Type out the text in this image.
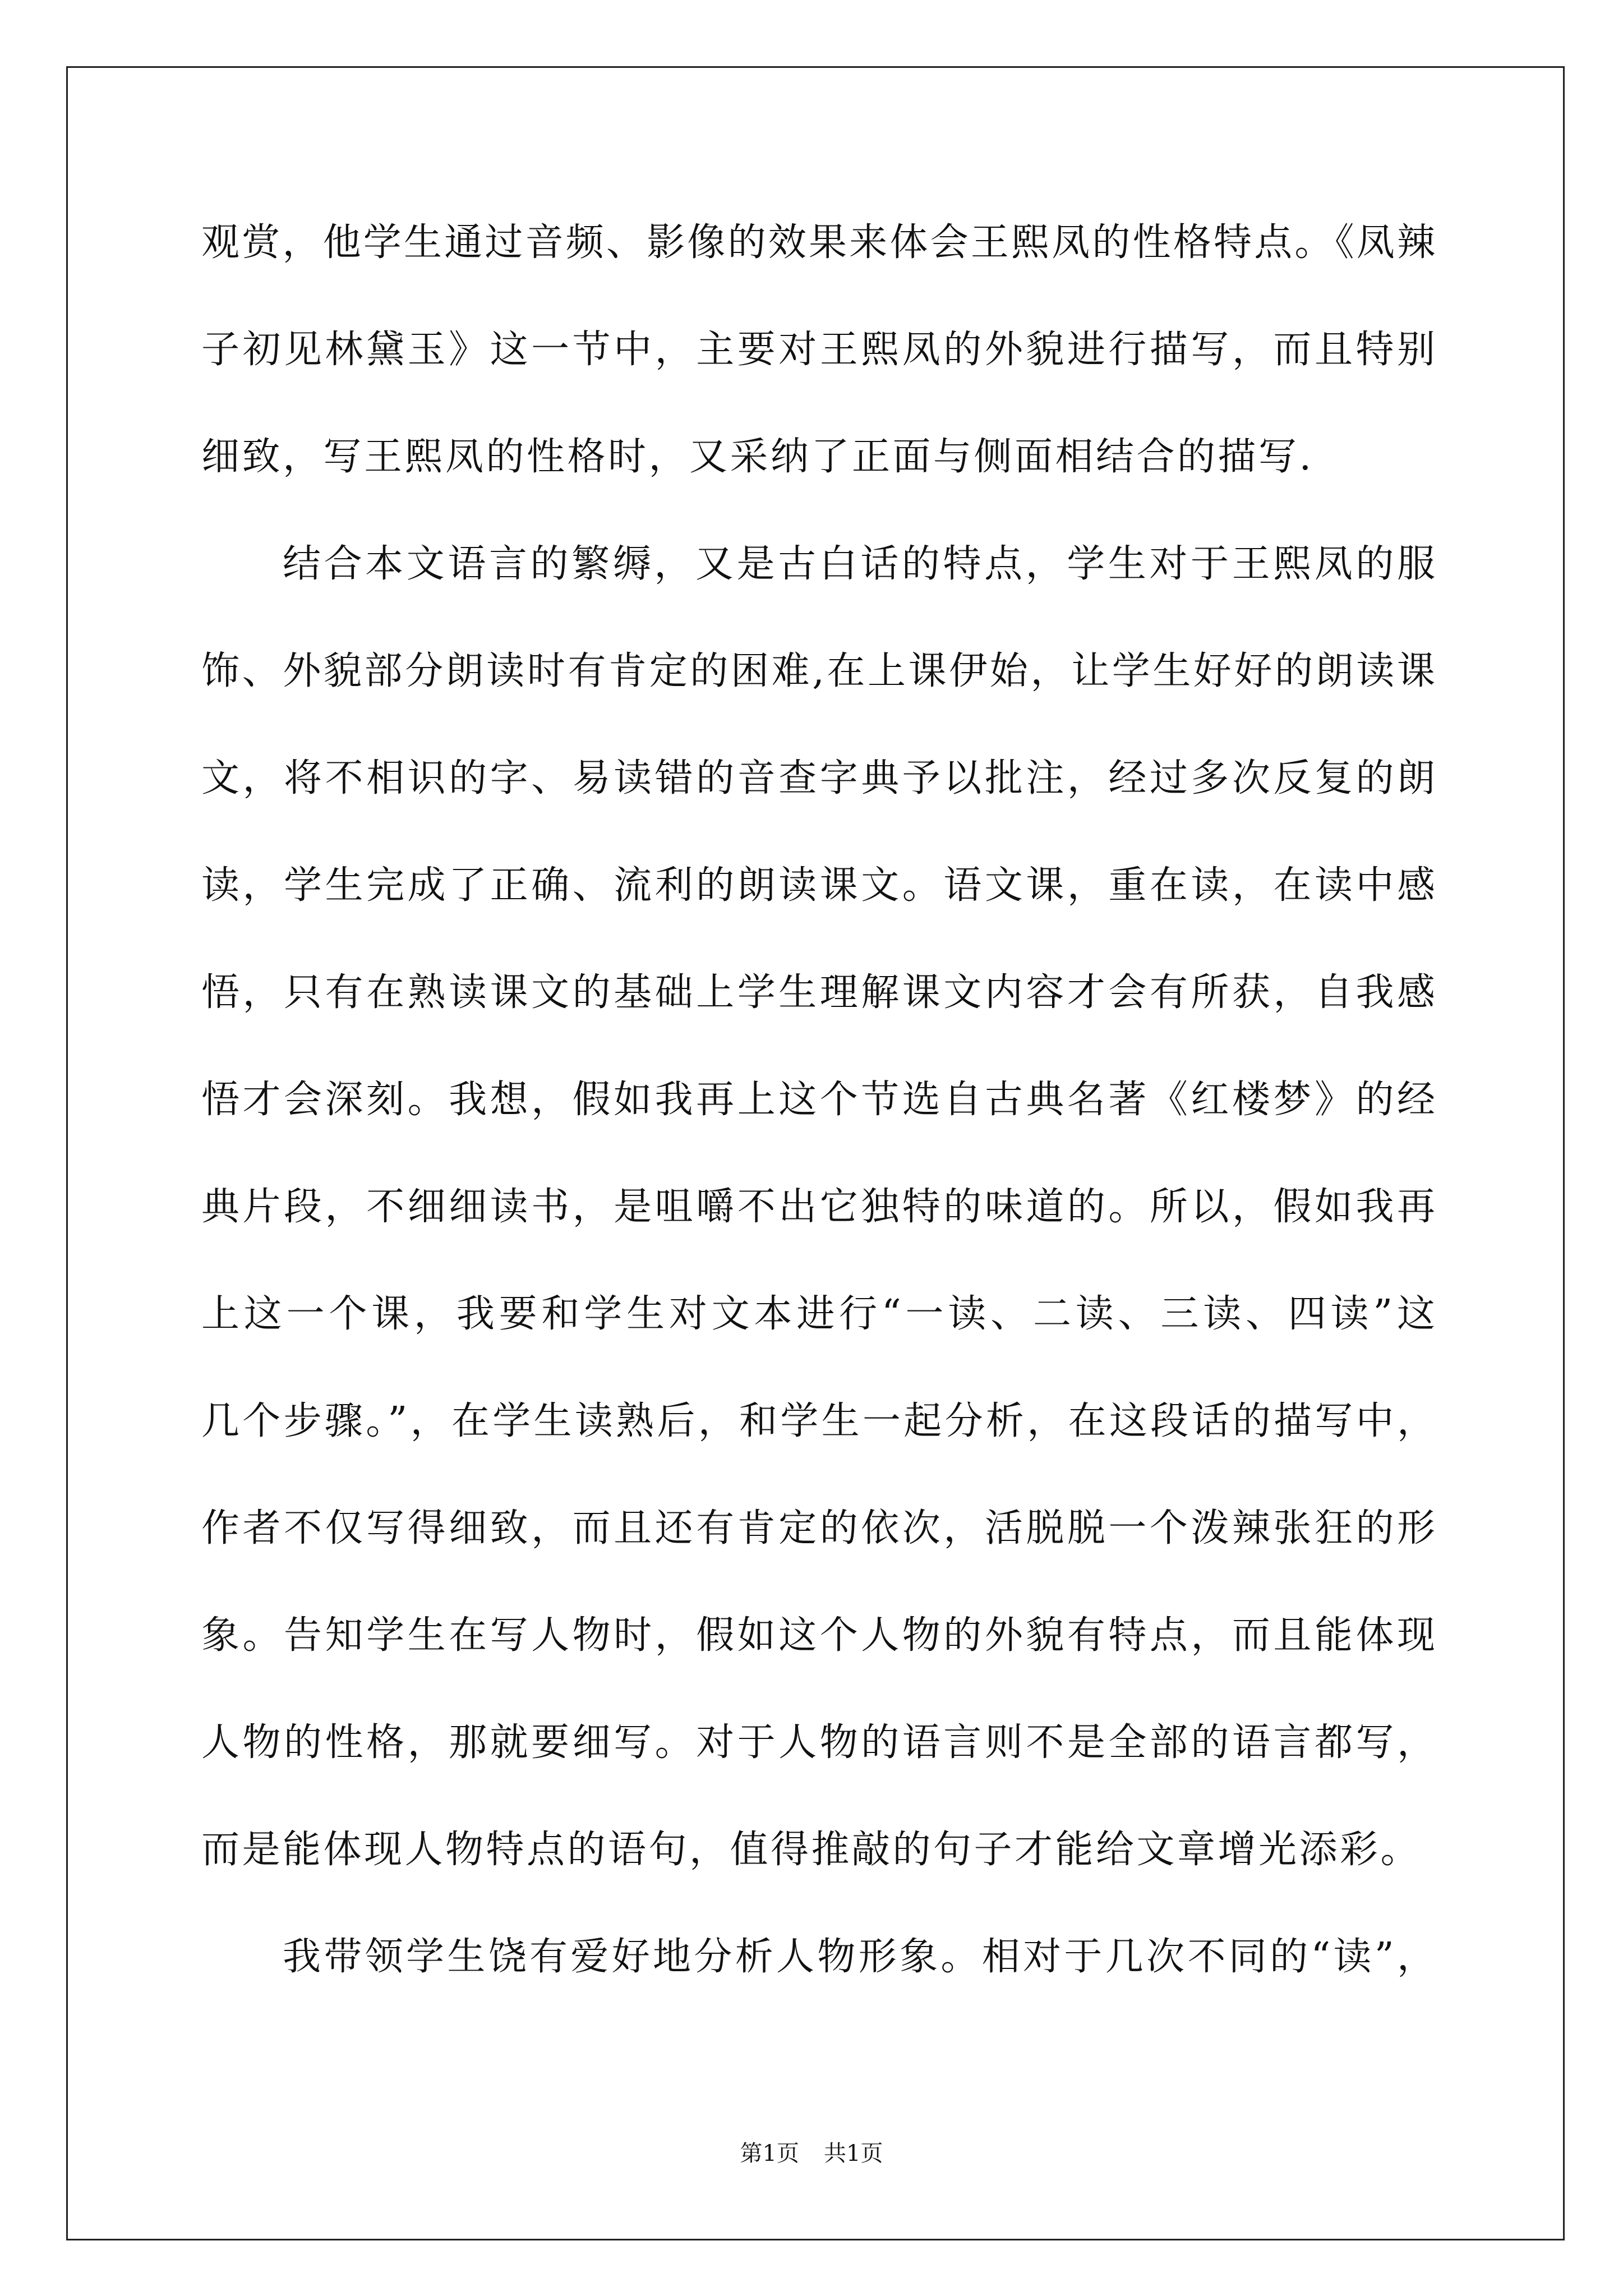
观赏，他学生通过音频、影像的效果来体会王熙凤的性格特点。《凤辣
子初见林黛玉》这一节中，主要对王熙凤的外貌进行描写，而且特别
细致，写王熙凤的性格时，又采纳了正面与侧面相结合的描写.
结合本文语言的繁缛，又是古白话的特点，学生对于王熙凤的服
饰、外貌部分朗读时有肯定的困难,在上课伊始，让学生好好的朗读课
文，将不相识的字、易读错的音查字典予以批注，经过多次反复的朗
读，学生完成了正确、流利的朗读课文。语文课，重在读，在读中感
悟，只有在熟读课文的基础上学生理解课文内容才会有所获，自我感
悟才会深刻。我想，假如我再上这个节选自古典名著《红楼梦》的经
典片段，不细细读书，是咀嚼不出它独特的味道的。所以，假如我再
上这一个课，我要和学生对文本进行“一读、二读、三读、四读”这
几个步骤。”，在学生读熟后，和学生一起分析，在这段话的描写中，
作者不仅写得细致，而且还有肯定的依次，活脱脱一个泼辣张狂的形
象。告知学生在写人物时，假如这个人物的外貌有特点，而且能体现
人物的性格，那就要细写。对于人物的语言则不是全部的语言都写，
而是能体现人物特点的语句，值得推敲的句子才能给文章增光添彩。
我带领学生饶有爱好地分析人物形象。相对于几次不同的“读”，
第1页 共1页
